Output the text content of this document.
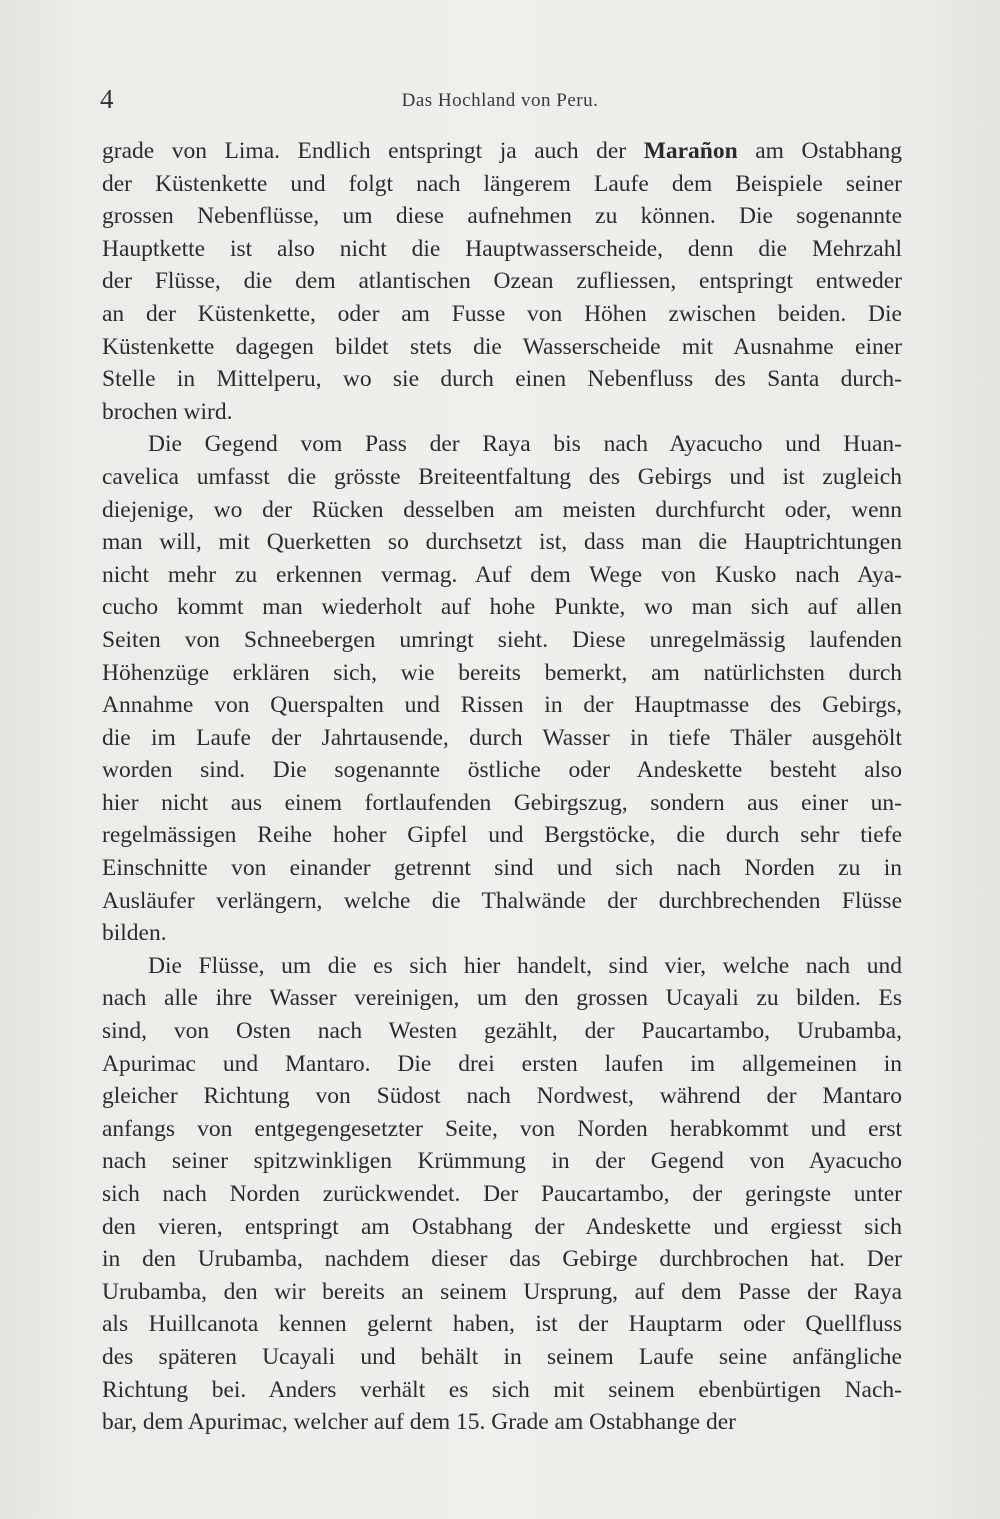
4	Das Hochland von Peru.
grade von Lima. Endlich entspringt ja auch der Marañon am Ostabhang
der Küstenkette und folgt nach längerem Laufe dem Beispiele seiner
grossen Nebenflüsse, um diese aufnehmen zu können. Die sogenannte
Hauptkette ist also nicht die Hauptwasserscheide, denn die Mehrzahl
der Flüsse, die dem atlantischen Ozean zufliessen, entspringt entweder
an der Küstenkette, oder am Fusse von Höhen zwischen beiden. Die
Küstenkette dagegen bildet stets die Wasserscheide mit Ausnahme einer
Stelle in Mittelperu, wo sie durch einen Nebenfluss des Santa durch-
brochen wird.
Die Gegend vom Pass der Raya bis nach Ayacucho und Huan-
cavelica umfasst die grösste Breiteentfaltung des Gebirgs und ist zugleich
diejenige, wo der Rücken desselben am meisten durchfurcht oder, wenn
man will, mit Querketten so durchsetzt ist, dass man die Hauptrichtungen
nicht mehr zu erkennen vermag. Auf dem Wege von Kusko nach Aya-
cucho kommt man wiederholt auf hohe Punkte, wo man sich auf allen
Seiten von Schneebergen umringt sieht. Diese unregelmässig laufenden
Höhenzüge erklären sich, wie bereits bemerkt, am natürlichsten durch
Annahme von Querspalten und Rissen in der Hauptmasse des Gebirgs,
die im Laufe der Jahrtausende, durch Wasser in tiefe Thäler ausgehölt
worden sind. Die sogenannte östliche oder Andeskette besteht also
hier nicht aus einem fortlaufenden Gebirgszug, sondern aus einer un-
regelmässigen Reihe hoher Gipfel und Bergstöcke, die durch sehr tiefe
Einschnitte von einander getrennt sind und sich nach Norden zu in
Ausläufer verlängern, welche die Thalwände der durchbrechenden Flüsse
bilden.
Die Flüsse, um die es sich hier handelt, sind vier, welche nach und
nach alle ihre Wasser vereinigen, um den grossen Ucayali zu bilden. Es
sind, von Osten nach Westen gezählt, der Paucartambo, Urubamba,
Apurimac und Mantaro. Die drei ersten laufen im allgemeinen in
gleicher Richtung von Südost nach Nordwest, während der Mantaro
anfangs von entgegengesetzter Seite, von Norden herabkommt und erst
nach seiner spitzwinkligen Krümmung in der Gegend von Ayacucho
sich nach Norden zurückwendet. Der Paucartambo, der geringste unter
den vieren, entspringt am Ostabhang der Andeskette und ergiesst sich
in den Urubamba, nachdem dieser das Gebirge durchbrochen hat. Der
Urubamba, den wir bereits an seinem Ursprung, auf dem Passe der Raya
als Huillcanota kennen gelernt haben, ist der Hauptarm oder Quellfluss
des späteren Ucayali und behält in seinem Laufe seine anfängliche
Richtung bei. Anders verhält es sich mit seinem ebenbürtigen Nach-
bar, dem Apurimac, welcher auf dem 15. Grade am Ostabhange der
